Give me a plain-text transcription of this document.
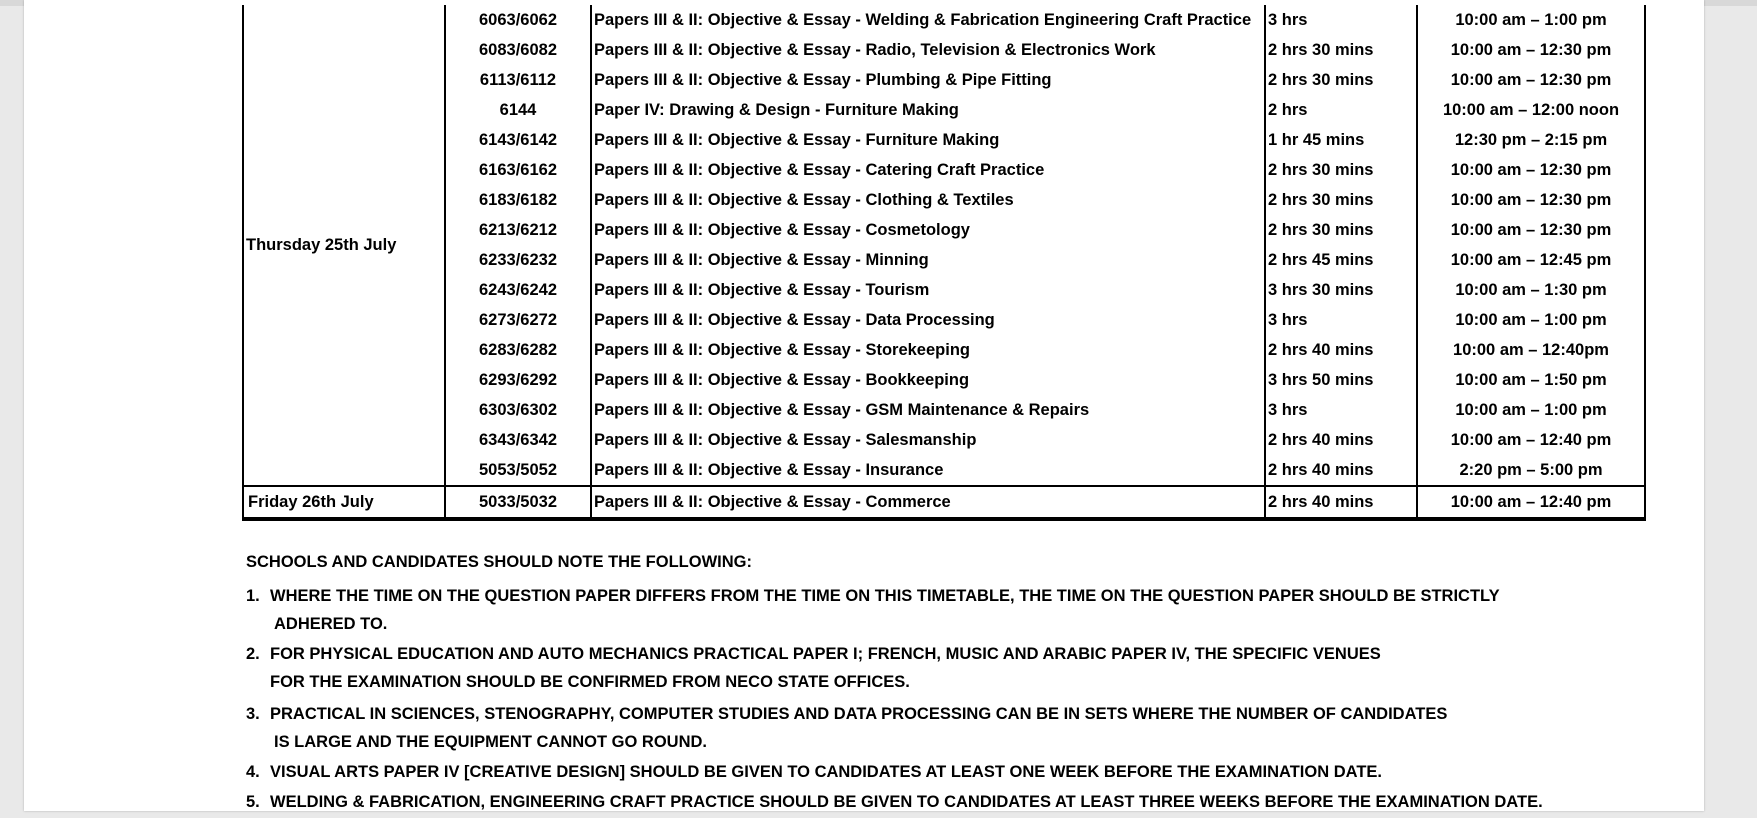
Thursday 25th July	6063/6062	Papers III & II: Objective & Essay - Welding & Fabrication Engineering Craft Practice	3 hrs	10:00 am – 1:00 pm
	6083/6082	Papers III & II: Objective & Essay - Radio, Television & Electronics Work	2 hrs 30 mins	10:00 am – 12:30 pm
	6113/6112	Papers III & II: Objective & Essay - Plumbing & Pipe Fitting	2 hrs 30 mins	10:00 am – 12:30 pm
	6144	Paper IV: Drawing & Design - Furniture Making	2 hrs	10:00 am – 12:00 noon
	6143/6142	Papers III & II: Objective & Essay - Furniture Making	1 hr 45 mins	12:30 pm – 2:15 pm
	6163/6162	Papers III & II: Objective & Essay - Catering Craft Practice	2 hrs 30 mins	10:00 am – 12:30 pm
	6183/6182	Papers III & II: Objective & Essay - Clothing & Textiles	2 hrs 30 mins	10:00 am – 12:30 pm
	6213/6212	Papers III & II: Objective & Essay - Cosmetology	2 hrs 30 mins	10:00 am – 12:30 pm
	6233/6232	Papers III & II: Objective & Essay - Minning	2 hrs 45 mins	10:00 am – 12:45 pm
	6243/6242	Papers III & II: Objective & Essay - Tourism	3 hrs 30 mins	10:00 am – 1:30 pm
	6273/6272	Papers III & II: Objective & Essay - Data Processing	3 hrs	10:00 am – 1:00 pm
	6283/6282	Papers III & II: Objective & Essay - Storekeeping	2 hrs 40 mins	10:00 am – 12:40pm
	6293/6292	Papers III & II: Objective & Essay - Bookkeeping	3 hrs 50 mins	10:00 am – 1:50 pm
	6303/6302	Papers III & II: Objective & Essay - GSM Maintenance & Repairs	3 hrs	10:00 am – 1:00 pm
	6343/6342	Papers III & II: Objective & Essay - Salesmanship	2 hrs 40 mins	10:00 am – 12:40 pm
	5053/5052	Papers III & II: Objective & Essay - Insurance	2 hrs 40 mins	2:20 pm – 5:00 pm
Friday 26th July	5033/5032	Papers III & II: Objective & Essay - Commerce	2 hrs 40 mins	10:00 am – 12:40 pm
SCHOOLS AND CANDIDATES SHOULD NOTE THE FOLLOWING:
1. WHERE THE TIME ON THE QUESTION PAPER DIFFERS FROM THE TIME ON THIS TIMETABLE, THE TIME ON THE QUESTION PAPER SHOULD BE STRICTLY
ADHERED TO.
2. FOR PHYSICAL EDUCATION AND AUTO MECHANICS PRACTICAL PAPER I; FRENCH, MUSIC AND ARABIC PAPER IV, THE SPECIFIC VENUES
FOR THE EXAMINATION SHOULD BE CONFIRMED FROM NECO STATE OFFICES.
3. PRACTICAL IN SCIENCES, STENOGRAPHY, COMPUTER STUDIES AND DATA PROCESSING CAN BE IN SETS WHERE THE NUMBER OF CANDIDATES
IS LARGE AND THE EQUIPMENT CANNOT GO ROUND.
4. VISUAL ARTS PAPER IV [CREATIVE DESIGN] SHOULD BE GIVEN TO CANDIDATES AT LEAST ONE WEEK BEFORE THE EXAMINATION DATE.
5. WELDING & FABRICATION, ENGINEERING CRAFT PRACTICE SHOULD BE GIVEN TO CANDIDATES AT LEAST THREE WEEKS BEFORE THE EXAMINATION DATE.
